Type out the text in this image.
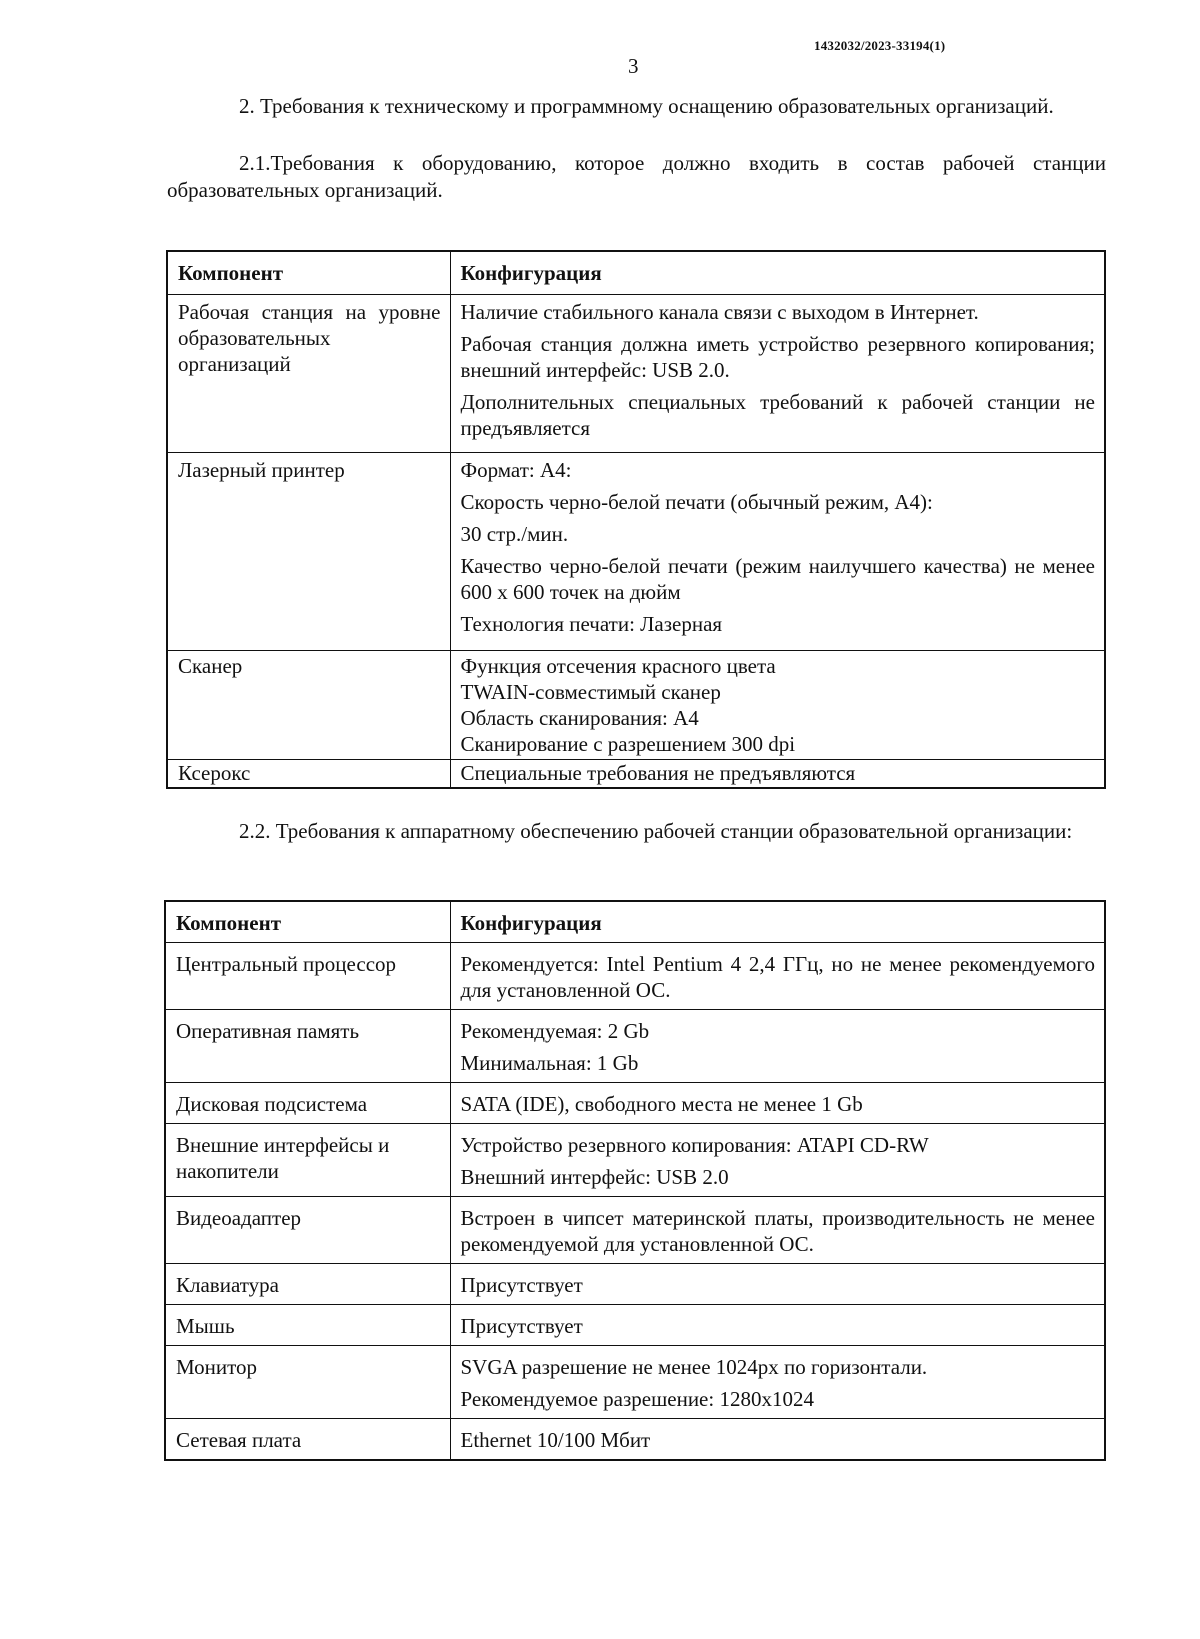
1432032/2023-33194(1)
3
2. Требования к техническому и программному оснащению образовательных организаций.
2.1.Требования к оборудованию, которое должно входить в состав рабочей станции образовательных организаций.
Компонент	Конфигурация
Рабочая станция на уровне образовательных организаций	Наличие стабильного канала связи с выходом в Интернет.
Рабочая станция должна иметь устройство резервного копирования; внешний интерфейс: USB 2.0.
Дополнительных специальных требований к рабочей станции не предъявляется

Лазерный принтер	Формат: А4:
Скорость черно-белой печати (обычный режим, А4):
30 стр./мин.
Качество черно-белой печати (режим наилучшего качества) не менее 600 x 600 точек на дюйм
Технология печати: Лазерная

Сканер	Функция отсечения красного цвета
TWAIN-совместимый сканер
Область сканирования: А4
Сканирование с разрешением 300 dpi

Ксерокс	Специальные требования не предъявляются
2.2. Требования к аппаратному обеспечению рабочей станции образовательной организации:
Компонент	Конфигурация
Центральный процессор	Рекомендуется: Intel Pentium 4 2,4 ГГц, но не менее рекомендуемого для установленной ОС.

Оперативная память	Рекомендуемая: 2 Gb
Минимальная: 1 Gb

Дисковая подсистема	SATA (IDE), свободного места не менее 1 Gb

Внешние интерфейсы и накопители	Устройство резервного копирования: ATAPI CD-RW
Внешний интерфейс: USB 2.0

Видеоадаптер	Встроен в чипсет материнской платы, производительность не менее рекомендуемой для установленной ОС.

Клавиатура	Присутствует

Мышь	Присутствует

Монитор	SVGA разрешение не менее 1024px по горизонтали.
Рекомендуемое разрешение: 1280x1024

Сетевая плата	Ethernet 10/100 Мбит
